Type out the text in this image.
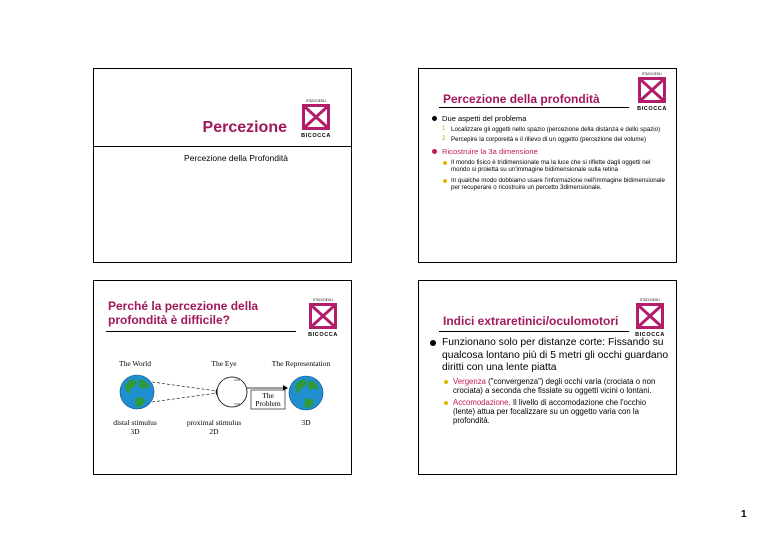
STUDI DEGLI
BICOCCA
Percezione
Percezione della Profondità
STUDI DEGLI
BICOCCA
Percezione della profondità
Due aspetti del problema
1 Localizzare gli oggetti nello spazio (percezione della distanza e dello spazio)
2 Percepire la corporeità e il rilievo di un oggetto (percezione del volume)
Ricostruire la 3a dimensione
Il mondo fisico è tridimensionale ma la luce che si riflette dagli oggetti nel mondo si proietta su un'immagine bidimensionale sulla retina
In qualche modo dobbiamo usare l'informazione nell'immagine bidimensionale per recuperare o ricostruire un percetto 3dimensionale.
Perché la percezione della
profondità è difficile?
STUDI DEGLI
BICOCCA
The World	The Eye	The Representation
The
Problem
distal stimulus
3D
proximal stimulus
2D
3D
STUDI DEGLI
BICOCCA
Indici extraretinici/oculomotori
Funzionano solo per distanze corte: Fissando su qualcosa lontano più di 5 metri gli occhi guardano diritti con una lente piatta
Vergenza ("convergenza") degli occhi varia (crociata o non crociata) a seconda che fissiate su oggetti vicini o lontani.
Accomodazione. Il livello di accomodazione che l'occhio (lente) attua per focalizzare su un oggetto varia con la profondità.
1
